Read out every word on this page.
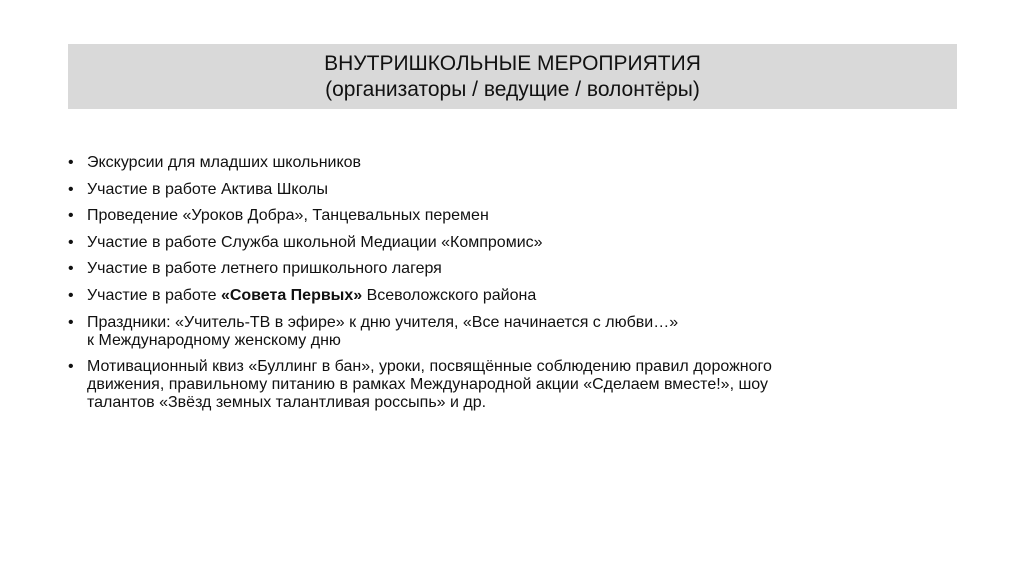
ВНУТРИШКОЛЬНЫЕ МЕРОПРИЯТИЯ
(организаторы / ведущие / волонтёры)
• Экскурсии для младших школьников
• Участие в работе Актива Школы
• Проведение «Уроков Добра», Танцевальных перемен
• Участие в работе Служба школьной Медиации «Компромис»
• Участие в работе летнего пришкольного лагеря
• Участие в работе «Совета Первых» Всеволожского района
• Праздники: «Учитель-ТВ в эфире» к дню учителя, «Все начинается с любви…»
к Международному женскому дню
• Мотивационный квиз «Буллинг в бан», уроки, посвящённые соблюдению правил дорожного
движения, правильному питанию в рамках Международной акции «Сделаем вместе!», шоу
талантов «Звёзд земных талантливая россыпь» и др.
